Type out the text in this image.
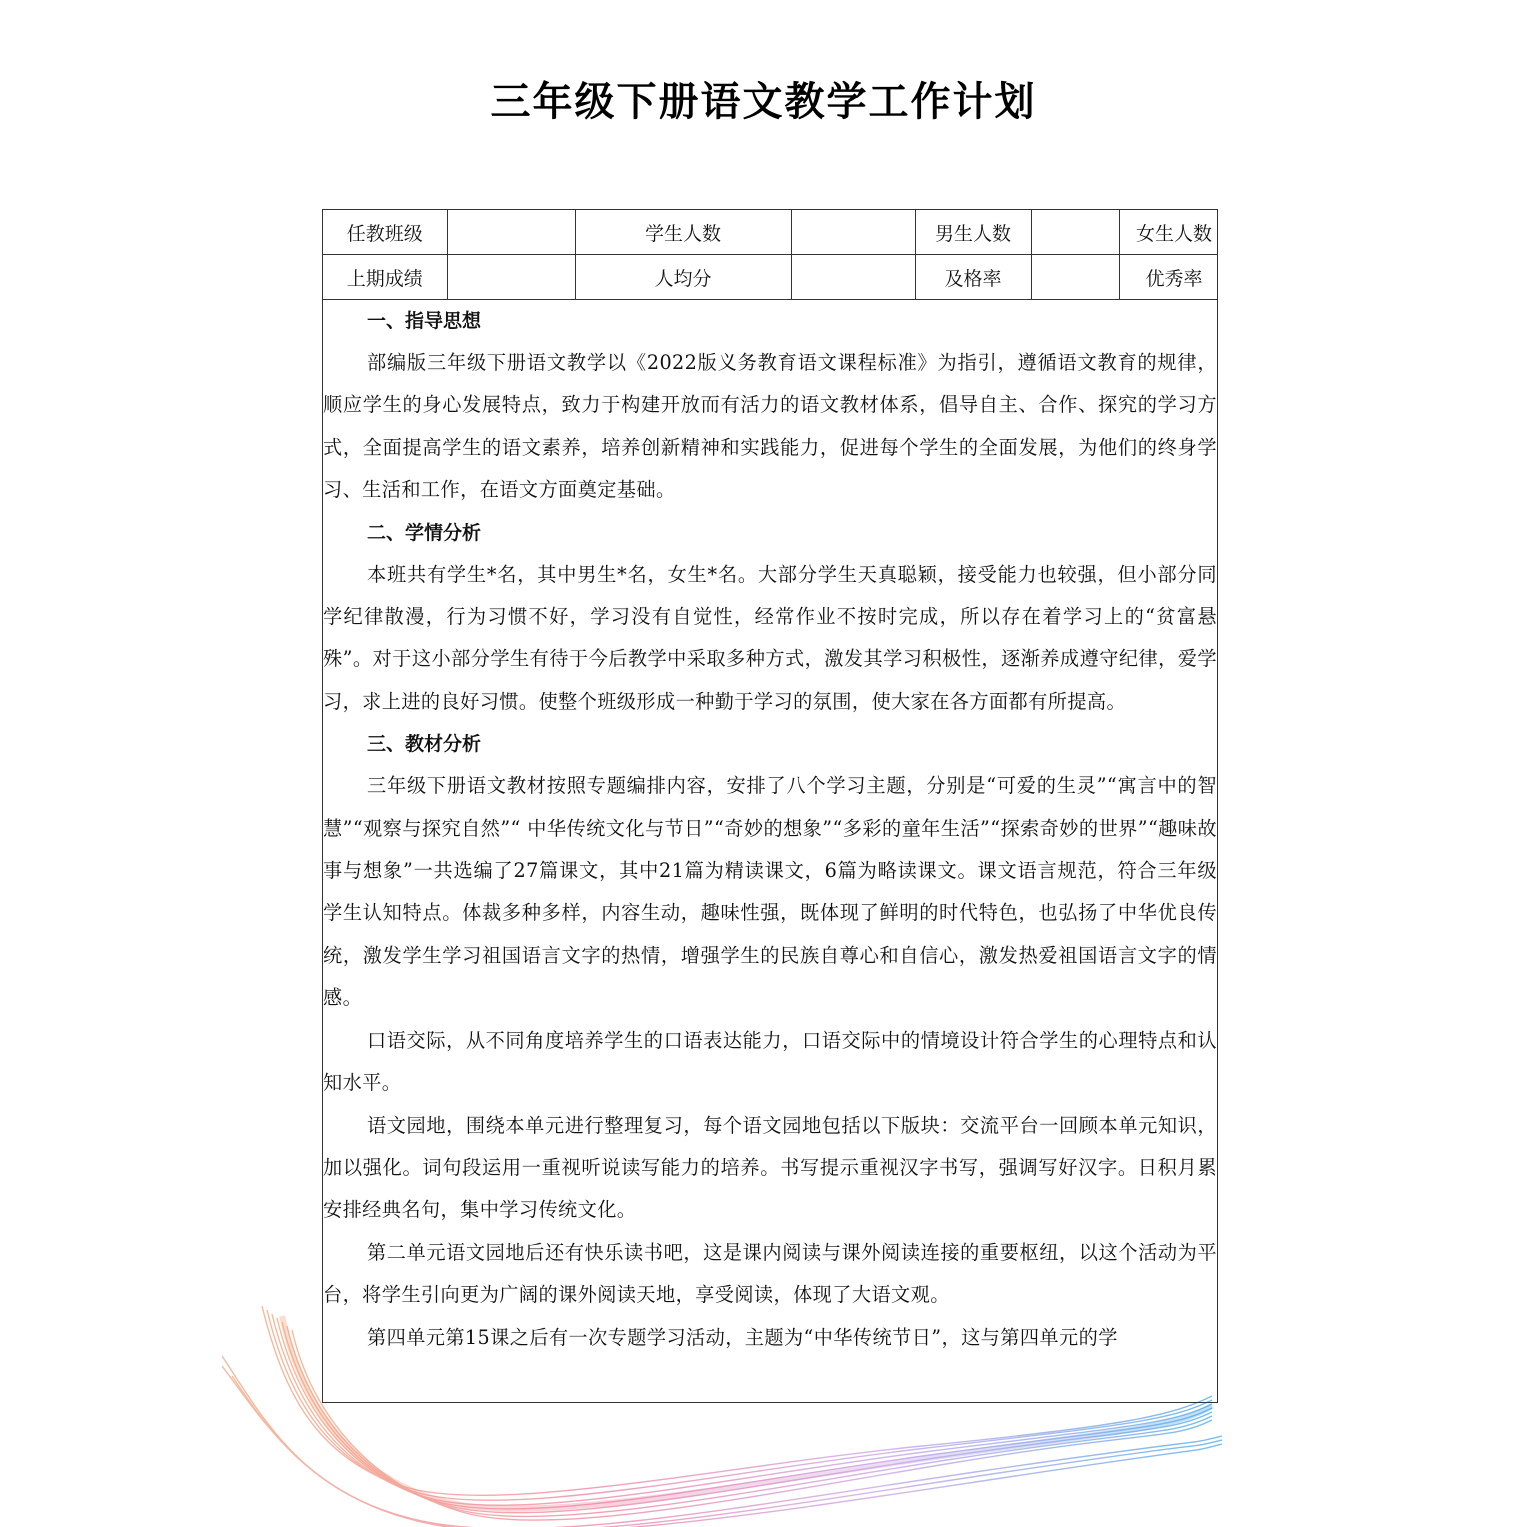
三年级下册语文教学工作计划
任教班级		学生人数		男生人数		女生人数	
上期成绩		人均分		及格率		优秀率	

一、指导思想

部编版三年级下册语文教学以《2022版义务教育语文课程标准》为指引，遵循语文教育的规律，顺应学生的身心发展特点，致力于构建开放而有活力的语文教材体系，倡导自主、合作、探究的学习方式，全面提高学生的语文素养，培养创新精神和实践能力，促进每个学生的全面发展，为他们的终身学习、生活和工作，在语文方面奠定基础。

二、学情分析

本班共有学生*名，其中男生*名，女生*名。大部分学生天真聪颖，接受能力也较强，但小部分同学纪律散漫，行为习惯不好，学习没有自觉性，经常作业不按时完成，所以存在着学习上的“贫富悬殊”。对于这小部分学生有待于今后教学中采取多种方式，激发其学习积极性，逐渐养成遵守纪律，爱学习，求上进的良好习惯。使整个班级形成一种勤于学习的氛围，使大家在各方面都有所提高。

三、教材分析

三年级下册语文教材按照专题编排内容，安排了八个学习主题，分别是“可爱的生灵”“寓言中的智慧”“观察与探究自然”“ 中华传统文化与节日”“奇妙的想象”“多彩的童年生活”“探索奇妙的世界”“趣味故事与想象”一共选编了27篇课文，其中21篇为精读课文，6篇为略读课文。课文语言规范，符合三年级学生认知特点。体裁多种多样，内容生动，趣味性强，既体现了鲜明的时代特色，也弘扬了中华优良传统，激发学生学习祖国语言文字的热情，增强学生的民族自尊心和自信心，激发热爱祖国语言文字的情感。

口语交际，从不同角度培养学生的口语表达能力，口语交际中的情境设计符合学生的心理特点和认知水平。

语文园地，围绕本单元进行整理复习，每个语文园地包括以下版块：交流平台一回顾本单元知识，加以强化。词句段运用一重视听说读写能力的培养。书写提示重视汉字书写，强调写好汉字。日积月累安排经典名句，集中学习传统文化。

第二单元语文园地后还有快乐读书吧，这是课内阅读与课外阅读连接的重要枢纽，以这个活动为平台，将学生引向更为广阔的课外阅读天地，享受阅读，体现了大语文观。

第四单元第15课之后有一次专题学习活动，主题为“中华传统节日”，这与第四单元的学
